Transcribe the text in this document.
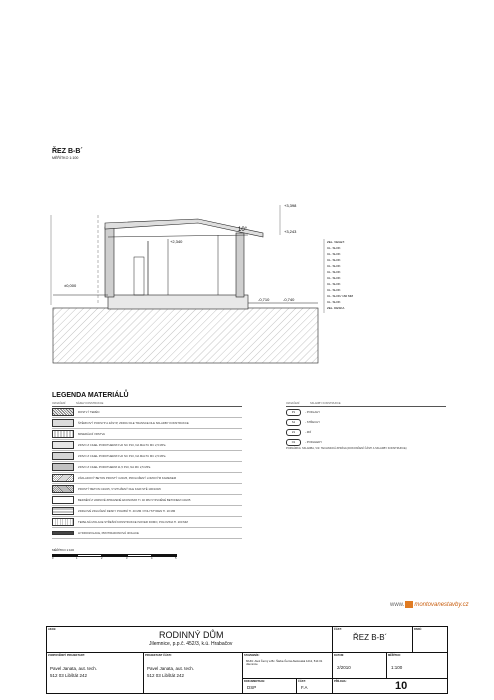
ŘEZ B-B´
MĚŘÍTKO 1:100
10°
+3,398
+3,243
+2,340
±0,000
-0,710	-0,740
ZEL. VEGET.
CL. SLOK
CL. SLOK
CL. SLOK
CL. SLOK
CL. SLOK
CL. SLOK
CL. SLOK
CL. SLOK
CL. SLOK/ 160 MM
CL. SLOK
ZEL. DESKA
LEGENDA MATERIÁLŮ
OZNAČENÍ	NÁZEV KONSTRUKCE
ROSTLÝ TERÉN
ŠTĚRKOVÝ PODSYP A ZÁSYP, ZDROJ DLE TRANSCE DLE SKLADBY KONSTRUKCE
MINERÁLNÍ VRSTVA
ZDIVO Z CIHEL POROTHERM P+D NC P10, NA MALTU MC 2,5 MPa
ZDIVO Z CIHEL POROTHERM P+D NC P10, NA MALTU MC 2,5 MPa
ZDIVO Z CIHEL POROTHERM 11,5 P10, NA MC 2,5 MPa
ZÁKLADOVÝ BETON PROSTÝ C20/25, PROLOŽENÝ LOMOVÝM KAMENEM
PROSTÝ BETON C20/25, VYZTUŽENÝ DLE KARI STĚ 100/100/6
BEDNĚNÍ Z VARNIVÉ ZPRAVENÉ EKONOMIX Tl. 40 MM VYPLNĚNÉ BETONEM C20/25
ZDRLOVÉ ZDLUČENÍ DESKY POLIBNÍ Tl. 40 MM / POLYSTYREN Tl. 20 MM
TEPELNÁ IZOLACE STŘEŠNÍ KONSTRUKCE ISOVER DOMO, POLOVINA Tl. 200 MM
HYDROIZOLACE, PROTIRADONOVÁ IZOLACE
OZNAČENÍ	SKLADBY KONSTRUKCE
P1	- PODLAHY
S1	- STŘECHY
Z1	- ZDÍ
O1	- PODHLEDY
POZNÁMKA: SKLADBA, VIZ. TECHNICKÁ ZPRÁVA (DOKONČENÍ ČÁSTI A SKLADBY KONSTRUKCE)
MĚŘÍTKO 1:100
0	1	2	3	4	5
www. montovanestavby.cz
AKCE:
RODINNÝ DŮM
Jilemnice, p.p.č. 452/3, k.ú. Hrabačov
ČÁST:
ŘEZ B-B´
PARÉ:
ZODPOVĚDNÝ PROJEKTANT:
Pavel Janata, aut. tech.
512 03 Libštát 242
PROJEKTANT ČÁSTI:
Pavel Janata, aut. tech.
512 03 Libštát 242
STAVEBNÍK:
MUDr. Aleš Černý a Bc. Šárka Černá Alešovská 1212, 514 01 Jilemnice
DATUM:
2/2010
MĚŘÍTKO:
1:100
DOKUMENTACE:
DSP
ČÁST:
F.A
PŘÍLOHA:	10
